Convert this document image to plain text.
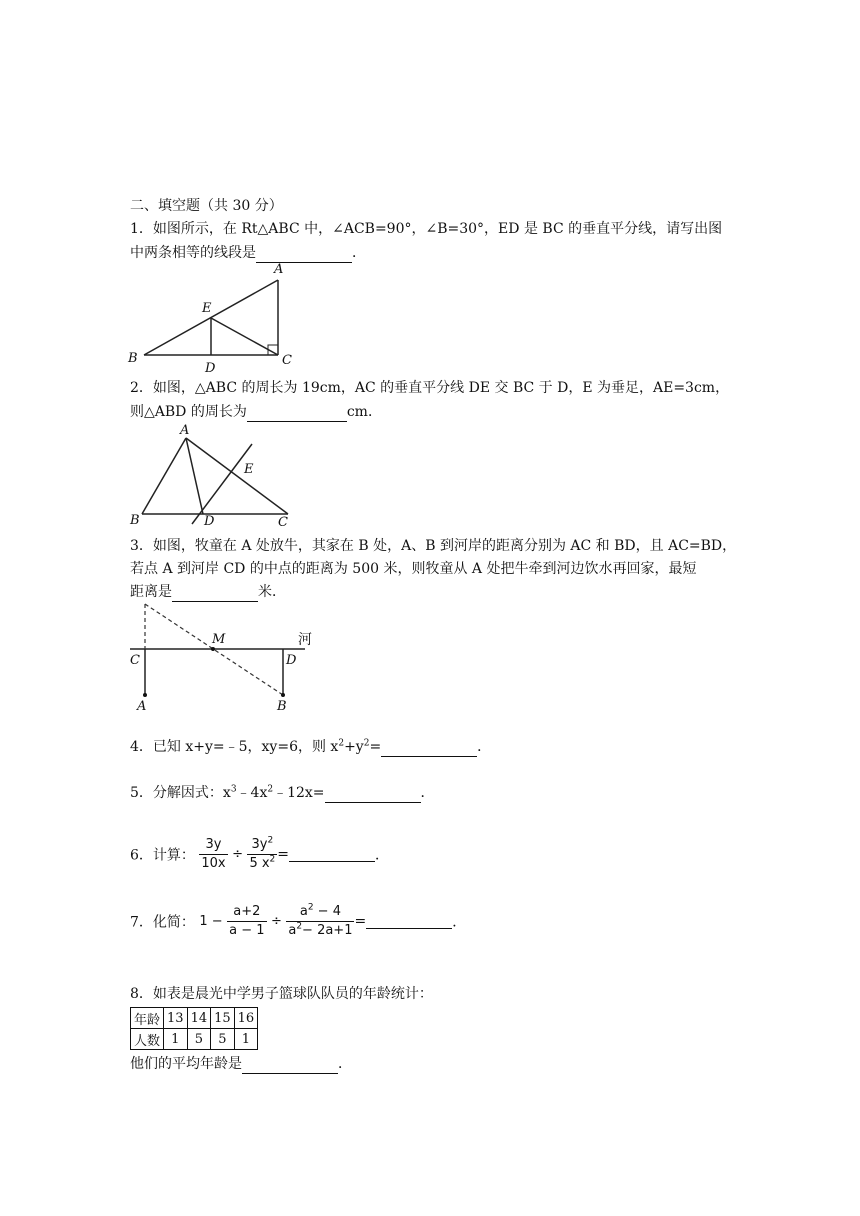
二、填空题（共 30 分）
1．如图所示，在 Rt△ABC 中，∠ACB=90°，∠B=30°，ED 是 BC 的垂直平分线，请写出图
中两条相等的线段是	．
A
B	C
D
E
2．如图，△ABC 的周长为 19cm，AC 的垂直平分线 DE 交 BC 于 D，E 为垂足，AE=3cm，
则△ABD 的周长为	cm．
A
B	C
D
E
3．如图，牧童在 A 处放牛，其家在 B 处，A、B 到河岸的距离分别为 AC 和 BD，且 AC=BD，
若点 A 到河岸 CD 的中点的距离为 500 米，则牧童从 A 处把牛牵到河边饮水再回家，最短
距离是	米．
A	B
C	D
M	河
4．已知 x+y=﹣5，xy=6，则 $x^2+y^2=$	．
5．分解因式：$x^3﹣4x^2﹣12x=$	．
6．计算： $\frac{3y}{10x} \div \frac{3y^2}{5 x^2}$ =	．
7．化简： $1 - \frac{a+2}{a - 1} \div \frac{a^2 - 4}{a^2- 2a+1}$ =	．
8．如表是晨光中学男子篮球队队员的年龄统计：
年龄	13	14	15	16
人数	1	5	5	1
他们的平均年龄是	．
